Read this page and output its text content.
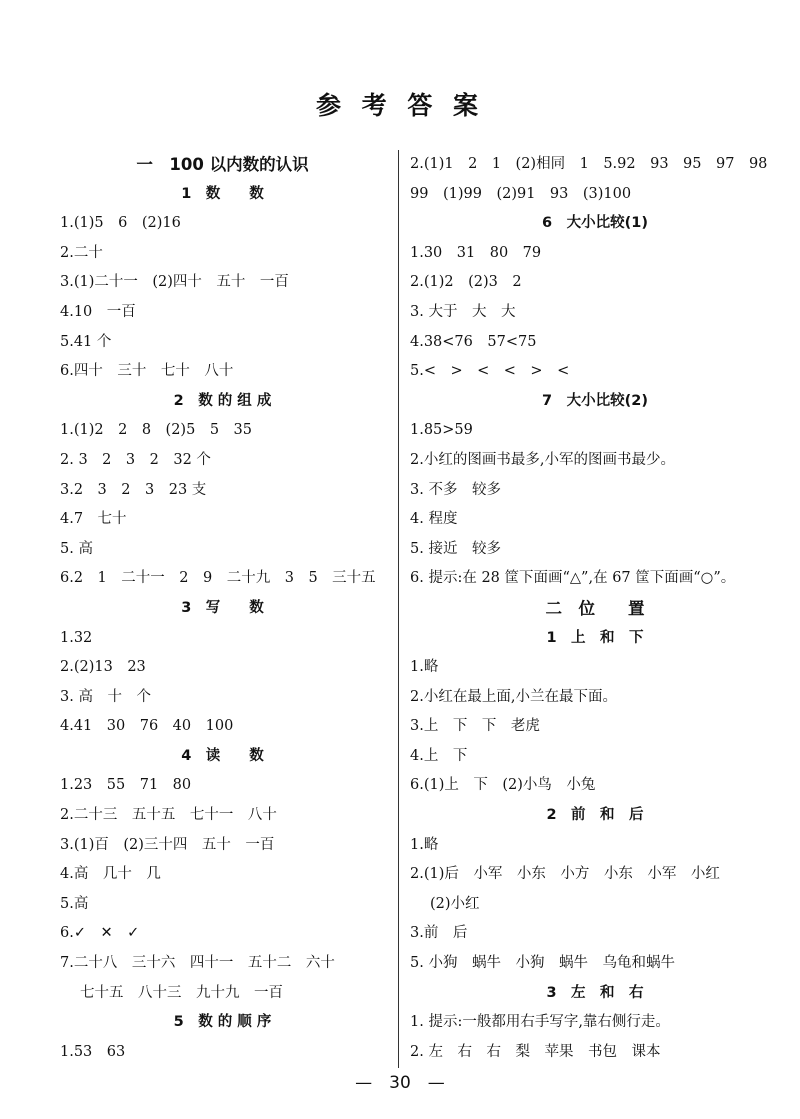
参 考 答 案
一　100 以内数的认识
1　数　　数
1.(1)5　6　(2)16
2.二十
3.(1)二十一　(2)四十　五十　一百
4.10　一百
5.41 个
6.四十　三十　七十　八十
2　数 的 组 成
1.(1)2　2　8　(2)5　5　35
2. 3　2　3　2　32 个
3.2　3　2　3　23 支
4.7　七十
5. 高
6.2　1　二十一　2　9　二十九　3　5　三十五
3　写　　数
1.32
2.(2)13　23
3. 高　十　个
4.41　30　76　40　100
4　读　　数
1.23　55　71　80
2.二十三　五十五　七十一　八十
3.(1)百　(2)三十四　五十　一百
4.高　几十　几
5.高
6.✓　✕　✓
7.二十八　三十六　四十一　五十二　六十
七十五　八十三　九十九　一百
5　数 的 顺 序
1.53　63
2.(1)1　2　1　(2)相同　1　5.92　93　95　97　98
99　(1)99　(2)91　93　(3)100
6　大小比较(1)
1.30　31　80　79
2.(1)2　(2)3　2
3. 大于　大　大
4.38<76　57<75
5.<　>　<　<　>　<
7　大小比较(2)
1.85>59
2.小红的图画书最多,小军的图画书最少。
3. 不多　较多
4. 程度
5. 接近　较多
6. 提示:在 28 筐下面画“△”,在 67 筐下面画“○”。
二　位　　置
1　上　和　下
1.略
2.小红在最上面,小兰在最下面。
3.上　下　下　老虎
4.上　下
6.(1)上　下　(2)小鸟　小兔
2　前　和　后
1.略
2.(1)后　小军　小东　小方　小东　小军　小红
(2)小红
3.前　后
5. 小狗　蜗牛　小狗　蜗牛　乌龟和蜗牛
3　左　和　右
1. 提示:一般都用右手写字,靠右侧行走。
2. 左　右　右　梨　苹果　书包　课本
—　30　—
